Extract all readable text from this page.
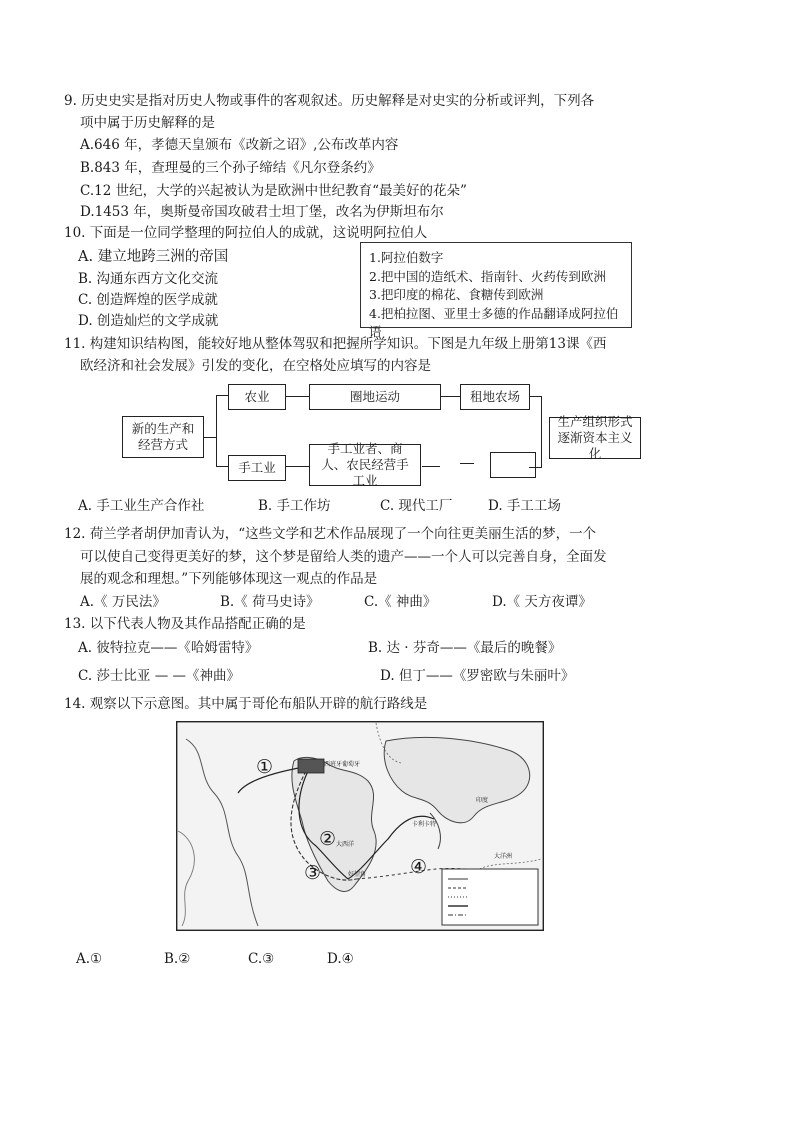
9. 历史史实是指对历史人物或事件的客观叙述。历史解释是对史实的分析或评判，下列各
项中属于历史解释的是
A.646 年，孝德天皇颁布《改新之诏》,公布改革内容
B.843 年，查理曼的三个孙子缔结《凡尔登条约》
C.12 世纪，大学的兴起被认为是欧洲中世纪教育“最美好的花朵”
D.1453 年，奥斯曼帝国攻破君士坦丁堡，改名为伊斯坦布尔
10. 下面是一位同学整理的阿拉伯人的成就，这说明阿拉伯人
A. 建立地跨三洲的帝国
B. 沟通东西方文化交流
C. 创造辉煌的医学成就
D. 创造灿烂的文学成就
1.阿拉伯数字
2.把中国的造纸术、指南针、火药传到欧洲
3.把印度的棉花、食糖传到欧洲
4.把柏拉图、亚里士多德的作品翻译成阿拉伯语
11. 构建知识结构图，能较好地从整体驾驭和把握所学知识。下图是九年级上册第13课《西
欧经济和社会发展》引发的变化，在空格处应填写的内容是
新的生产和经营方式
农业	圈地运动	租地农场
手工业
手工业者、商人、农民经营手工业
生产组织形式逐渐资本主义化
A. 手工业生产合作社	B. 手工作坊	C. 现代工厂	D. 手工工场
12. 荷兰学者胡伊加青认为，“这些文学和艺术作品展现了一个向往更美丽生活的梦，一个
可以使自己变得更美好的梦，这个梦是留给人类的遗产——一个人可以完善自身，全面发
展的观念和理想。”下列能够体现这一观点的作品是
A.《 万民法》	B.《 荷马史诗》	C.《 神曲》	D.《 天方夜谭》
13. 以下代表人物及其作品搭配正确的是
A. 彼特拉克——《哈姆雷特》	B. 达 · 芬奇——《最后的晚餐》
C. 莎士比亚 — —《神曲》	D. 但丁——《罗密欧与朱丽叶》
14. 观察以下示意图。其中属于哥伦布船队开辟的航行路线是
①
②
③	④
西班牙葡萄牙
好望角
卡利卡特
印度
大西洋
大洋洲
A.①	B.②	C.③	D.④
